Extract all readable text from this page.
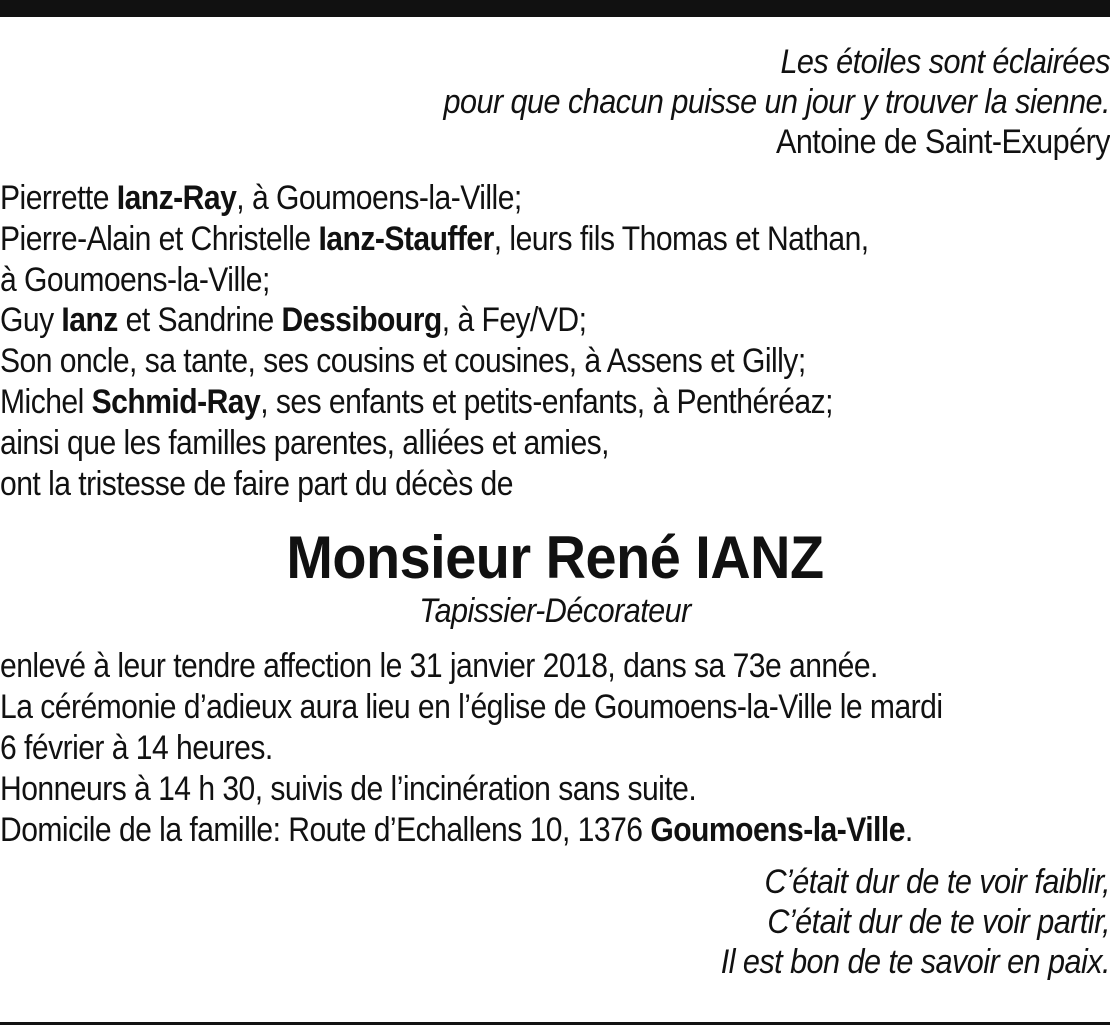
Les étoiles sont éclairées
pour que chacun puisse un jour y trouver la sienne.
Antoine de Saint-Exupéry
Pierrette Ianz-Ray, à Goumoens-la-Ville;
Pierre-Alain et Christelle Ianz-Stauffer, leurs fils Thomas et Nathan,
à Goumoens-la-Ville;
Guy Ianz et Sandrine Dessibourg, à Fey/VD;
Son oncle, sa tante, ses cousins et cousines, à Assens et Gilly;
Michel Schmid-Ray, ses enfants et petits-enfants, à Penthéréaz;
ainsi que les familles parentes, alliées et amies,
ont la tristesse de faire part du décès de
Monsieur René IANZ
Tapissier-Décorateur
enlevé à leur tendre affection le 31 janvier 2018, dans sa 73e année.
La cérémonie d’adieux aura lieu en l’église de Goumoens-la-Ville le mardi
6 février à 14 heures.
Honneurs à 14 h 30, suivis de l’incinération sans suite.
Domicile de la famille: Route d’Echallens 10, 1376 Goumoens-la-Ville.
C’était dur de te voir faiblir,
C’était dur de te voir partir,
Il est bon de te savoir en paix.
